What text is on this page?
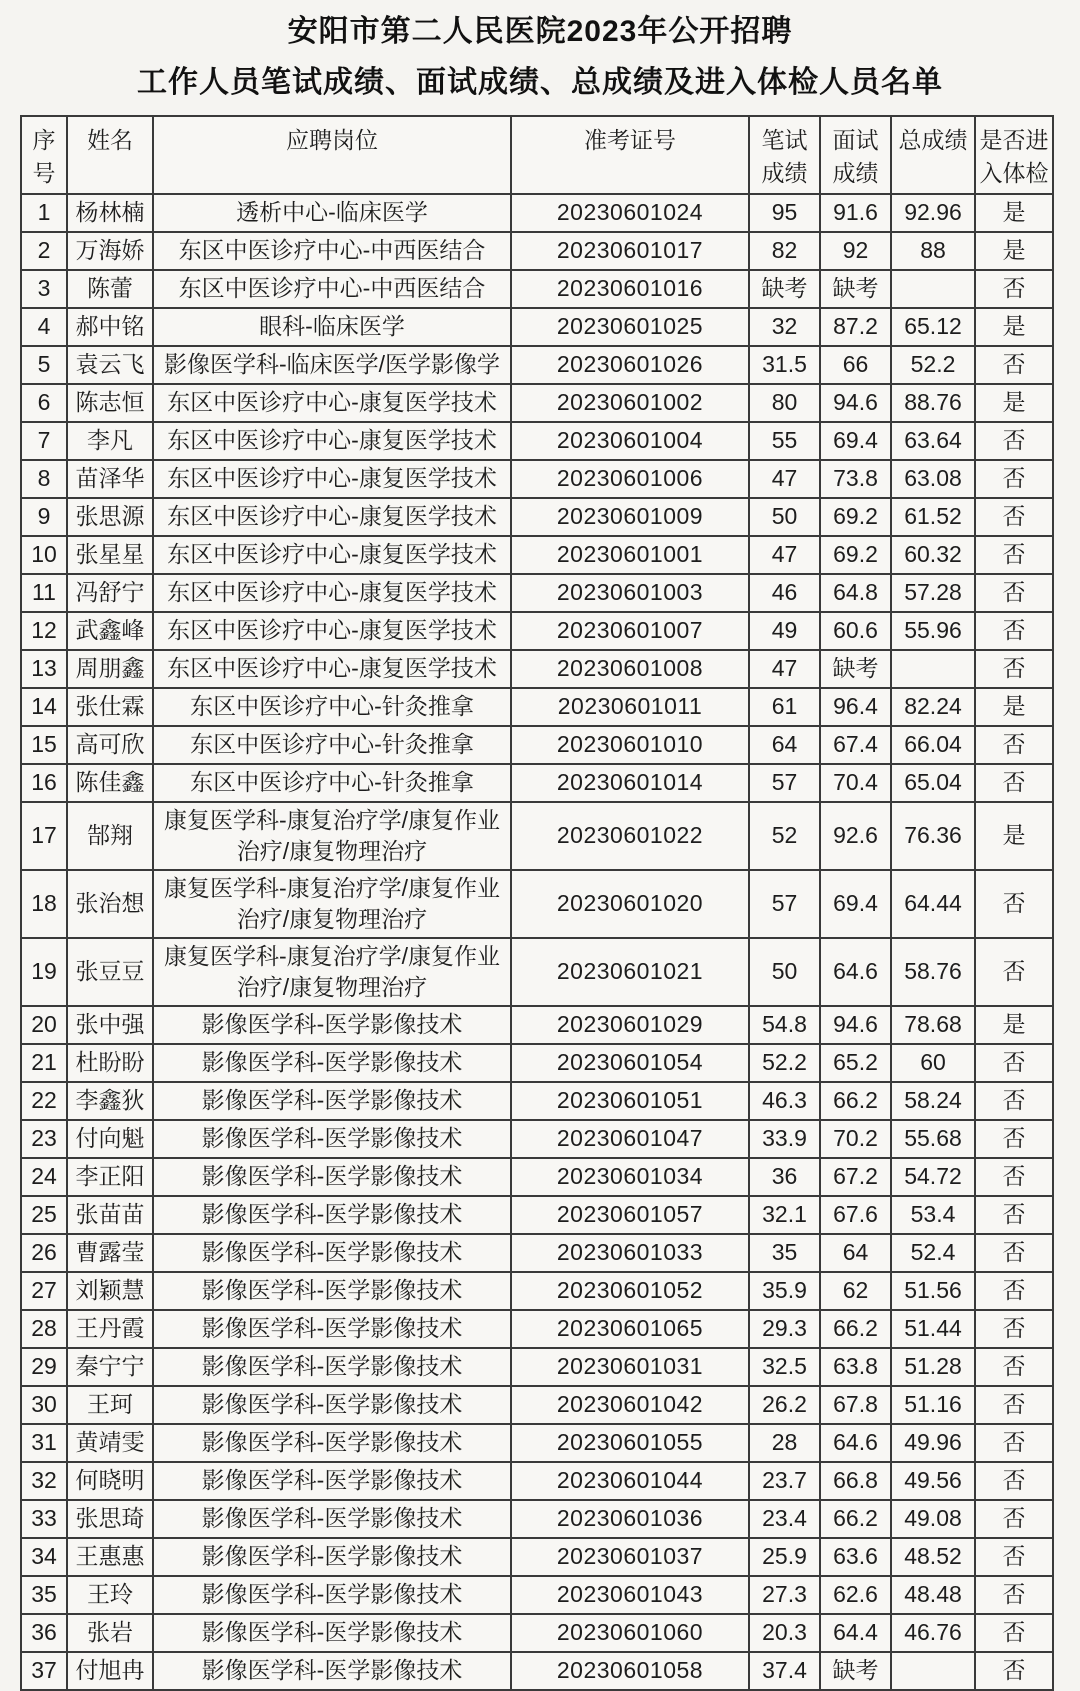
安阳市第二人民医院2023年公开招聘
工作人员笔试成绩、面试成绩、总成绩及进入体检人员名单
序号	姓名	应聘岗位	准考证号	笔试成绩	面试成绩	总成绩	是否进入体检
1	杨林楠	透析中心-临床医学	20230601024	95	91.6	92.96	是
2	万海娇	东区中医诊疗中心-中西医结合	20230601017	82	92	88	是
3	陈蕾	东区中医诊疗中心-中西医结合	20230601016	缺考	缺考		否
4	郝中铭	眼科-临床医学	20230601025	32	87.2	65.12	是
5	袁云飞	影像医学科-临床医学/医学影像学	20230601026	31.5	66	52.2	否
6	陈志恒	东区中医诊疗中心-康复医学技术	20230601002	80	94.6	88.76	是
7	李凡	东区中医诊疗中心-康复医学技术	20230601004	55	69.4	63.64	否
8	苗泽华	东区中医诊疗中心-康复医学技术	20230601006	47	73.8	63.08	否
9	张思源	东区中医诊疗中心-康复医学技术	20230601009	50	69.2	61.52	否
10	张星星	东区中医诊疗中心-康复医学技术	20230601001	47	69.2	60.32	否
11	冯舒宁	东区中医诊疗中心-康复医学技术	20230601003	46	64.8	57.28	否
12	武鑫峰	东区中医诊疗中心-康复医学技术	20230601007	49	60.6	55.96	否
13	周朋鑫	东区中医诊疗中心-康复医学技术	20230601008	47	缺考		否
14	张仕霖	东区中医诊疗中心-针灸推拿	20230601011	61	96.4	82.24	是
15	高可欣	东区中医诊疗中心-针灸推拿	20230601010	64	67.4	66.04	否
16	陈佳鑫	东区中医诊疗中心-针灸推拿	20230601014	57	70.4	65.04	否
17	郜翔	康复医学科-康复治疗学/康复作业治疗/康复物理治疗	20230601022	52	92.6	76.36	是
18	张治想	康复医学科-康复治疗学/康复作业治疗/康复物理治疗	20230601020	57	69.4	64.44	否
19	张豆豆	康复医学科-康复治疗学/康复作业治疗/康复物理治疗	20230601021	50	64.6	58.76	否
20	张中强	影像医学科-医学影像技术	20230601029	54.8	94.6	78.68	是
21	杜盼盼	影像医学科-医学影像技术	20230601054	52.2	65.2	60	否
22	李鑫狄	影像医学科-医学影像技术	20230601051	46.3	66.2	58.24	否
23	付向魁	影像医学科-医学影像技术	20230601047	33.9	70.2	55.68	否
24	李正阳	影像医学科-医学影像技术	20230601034	36	67.2	54.72	否
25	张苗苗	影像医学科-医学影像技术	20230601057	32.1	67.6	53.4	否
26	曹露莹	影像医学科-医学影像技术	20230601033	35	64	52.4	否
27	刘颖慧	影像医学科-医学影像技术	20230601052	35.9	62	51.56	否
28	王丹霞	影像医学科-医学影像技术	20230601065	29.3	66.2	51.44	否
29	秦宁宁	影像医学科-医学影像技术	20230601031	32.5	63.8	51.28	否
30	王珂	影像医学科-医学影像技术	20230601042	26.2	67.8	51.16	否
31	黄靖雯	影像医学科-医学影像技术	20230601055	28	64.6	49.96	否
32	何晓明	影像医学科-医学影像技术	20230601044	23.7	66.8	49.56	否
33	张思琦	影像医学科-医学影像技术	20230601036	23.4	66.2	49.08	否
34	王惠惠	影像医学科-医学影像技术	20230601037	25.9	63.6	48.52	否
35	王玲	影像医学科-医学影像技术	20230601043	27.3	62.6	48.48	否
36	张岩	影像医学科-医学影像技术	20230601060	20.3	64.4	46.76	否
37	付旭冉	影像医学科-医学影像技术	20230601058	37.4	缺考		否
